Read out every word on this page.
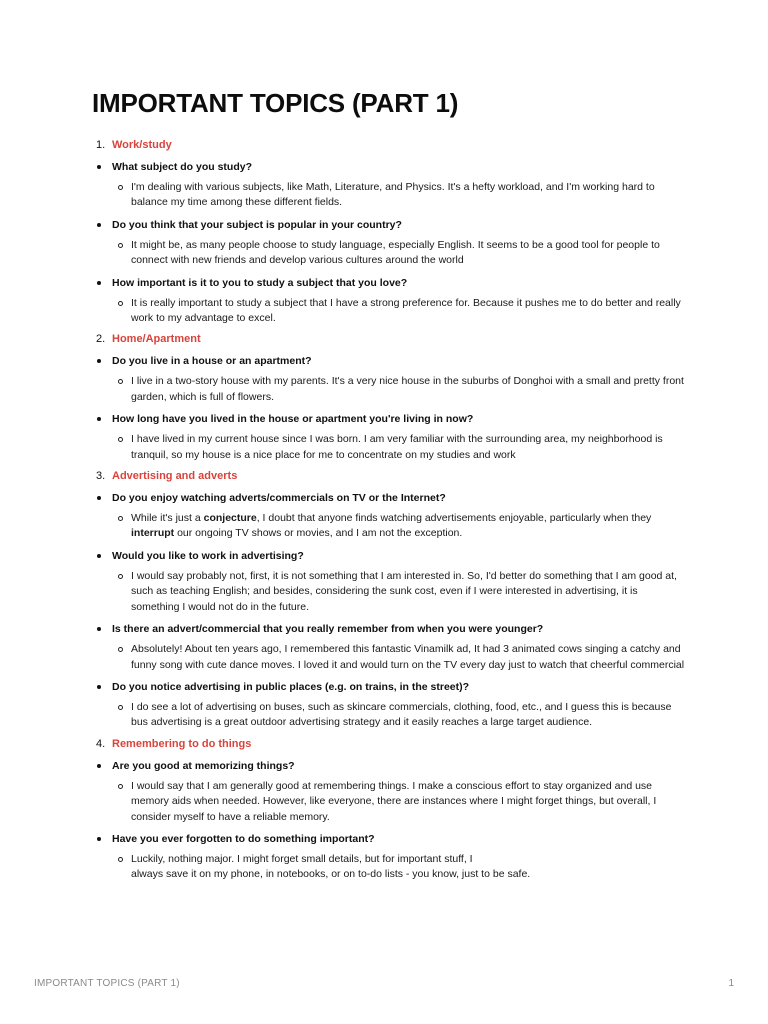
IMPORTANT TOPICS (PART 1)
1. Work/study
What subject do you study?
I'm dealing with various subjects, like Math, Literature, and Physics. It's a hefty workload, and I'm working hard to balance my time among these different fields.
Do you think that your subject is popular in your country?
It might be, as many people choose to study language, especially English. It seems to be a good tool for people to connect with new friends and develop various cultures around the world
How important is it to you to study a subject that you love?
It is really important to study a subject that I have a strong preference for. Because it pushes me to do better and really work to my advantage to excel.
2. Home/Apartment
Do you live in a house or an apartment?
I live in a two-story house with my parents. It's a very nice house in the suburbs of Donghoi with a small and pretty front garden, which is full of flowers.
How long have you lived in the house or apartment you're living in now?
I have lived in my current house since I was born. I am very familiar with the surrounding area, my neighborhood is tranquil, so my house is a nice place for me to concentrate on my studies and work
3. Advertising and adverts
Do you enjoy watching adverts/commercials on TV or the Internet?
While it's just a conjecture, I doubt that anyone finds watching advertisements enjoyable, particularly when they interrupt our ongoing TV shows or movies, and I am not the exception.
Would you like to work in advertising?
I would say probably not, first, it is not something that I am interested in. So, I'd better do something that I am good at, such as teaching English; and besides, considering the sunk cost, even if I were interested in advertising, it is something I would not do in the future.
Is there an advert/commercial that you really remember from when you were younger?
Absolutely! About ten years ago, I remembered this fantastic Vinamilk ad, It had 3 animated cows singing a catchy and funny song with cute dance moves. I loved it and would turn on the TV every day just to watch that cheerful commercial
Do you notice advertising in public places (e.g. on trains, in the street)?
I do see a lot of advertising on buses, such as skincare commercials, clothing, food, etc., and I guess this is because bus advertising is a great outdoor advertising strategy and it easily reaches a large target audience.
4. Remembering to do things
Are you good at memorizing things?
I would say that I am generally good at remembering things. I make a conscious effort to stay organized and use memory aids when needed. However, like everyone, there are instances where I might forget things, but overall, I consider myself to have a reliable memory.
Have you ever forgotten to do something important?
Luckily, nothing major. I might forget small details, but for important stuff, I
always save it on my phone, in notebooks, or on to-do lists - you know, just to be safe.
IMPORTANT TOPICS (PART 1)	1
